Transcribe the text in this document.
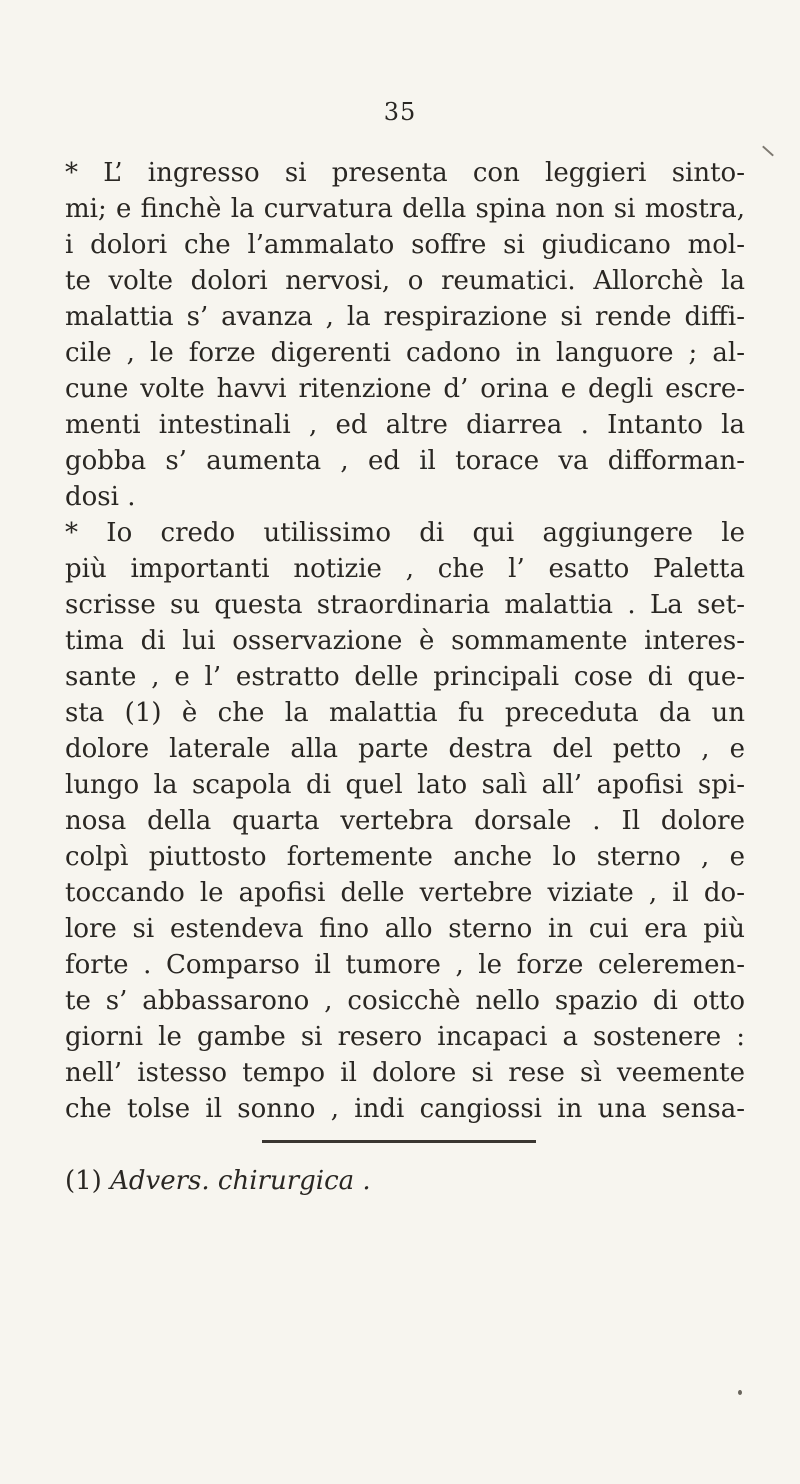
35
* L’ ingresso si presenta con leggieri sinto-
mi; e finchè la curvatura della spina non si mostra,
i dolori che l’ammalato soffre si giudicano mol-
te volte dolori nervosi, o reumatici. Allorchè la
malattia s’ avanza , la respirazione si rende diffi-
cile , le forze digerenti cadono in languore ; al-
cune volte havvi ritenzione d’ orina e degli escre-
menti intestinali , ed altre diarrea . Intanto la
gobba s’ aumenta , ed il torace va difforman-
dosi .
* Io credo utilissimo di qui aggiungere le
più importanti notizie , che l’ esatto Paletta
scrisse su questa straordinaria malattia . La set-
tima di lui osservazione è sommamente interes-
sante , e l’ estratto delle principali cose di que-
sta (1) è che la malattia fu preceduta da un
dolore laterale alla parte destra del petto , e
lungo la scapola di quel lato salì all’ apofisi spi-
nosa della quarta vertebra dorsale . Il dolore
colpì piuttosto fortemente anche lo sterno , e
toccando le apofisi delle vertebre viziate , il do-
lore si estendeva fino allo sterno in cui era più
forte . Comparso il tumore , le forze celeremen-
te s’ abbassarono , cosicchè nello spazio di otto
giorni le gambe si resero incapaci a sostenere :
nell’ istesso tempo il dolore si rese sì veemente
che tolse il sonno , indi cangiossi in una sensa-
(1) Advers. chirurgica .
